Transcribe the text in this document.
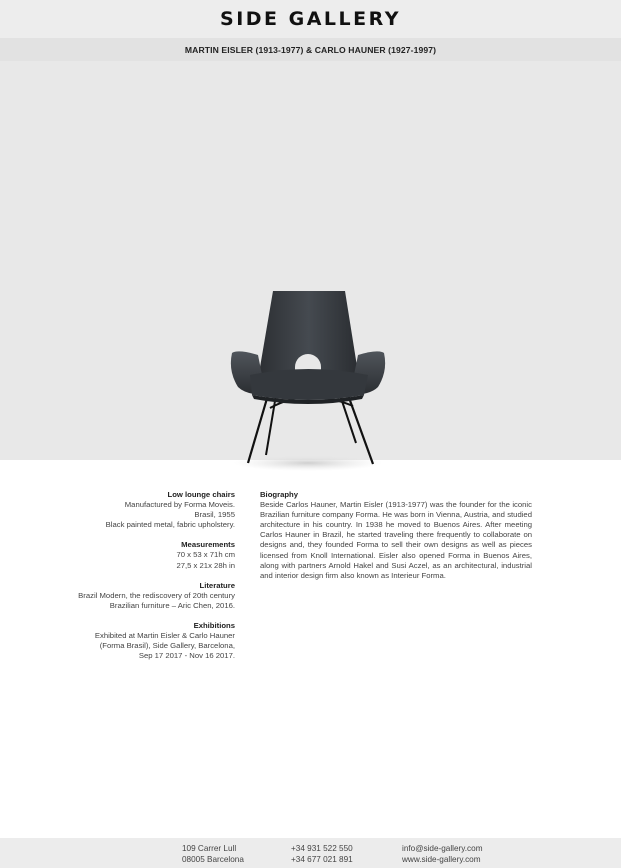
SIDE GALLERY
MARTIN EISLER (1913-1977) & CARLO HAUNER (1927-1997)
Low lounge chairs
Manufactured by Forma Moveis.
Brasil, 1955
Black painted metal, fabric upholstery.
Measurements
70 x 53 x 71h cm
27,5 x 21x 28h in
Literature
Brazil Modern, the rediscovery of 20th century
Brazilian furniture – Aric Chen, 2016.
Exhibitions
Exhibited at Martin Eisler & Carlo Hauner
(Forma Brasil), Side Gallery, Barcelona,
Sep 17 2017 - Nov 16 2017.
Biography
Beside Carlos Hauner, Martin Eisler (1913-1977) was the founder for the iconic Brazilian furniture company Forma. He was born in Vienna, Austria, and studied architecture in his country. In 1938 he moved to Buenos Aires. After meeting Carlos Hauner in Brazil, he started traveling there frequently to collaborate on designs and, they founded Forma to sell their own designs as well as pieces licensed from Knoll International. Eisler also opened Forma in Buenos Aires, along with partners Arnold Hakel and Susi Aczel, as an architectural, industrial and interior design firm also known as Interieur Forma.
109 Carrer Lull
08005 Barcelona
+34 931 522 550
+34 677 021 891
info@side-gallery.com
www.side-gallery.com
